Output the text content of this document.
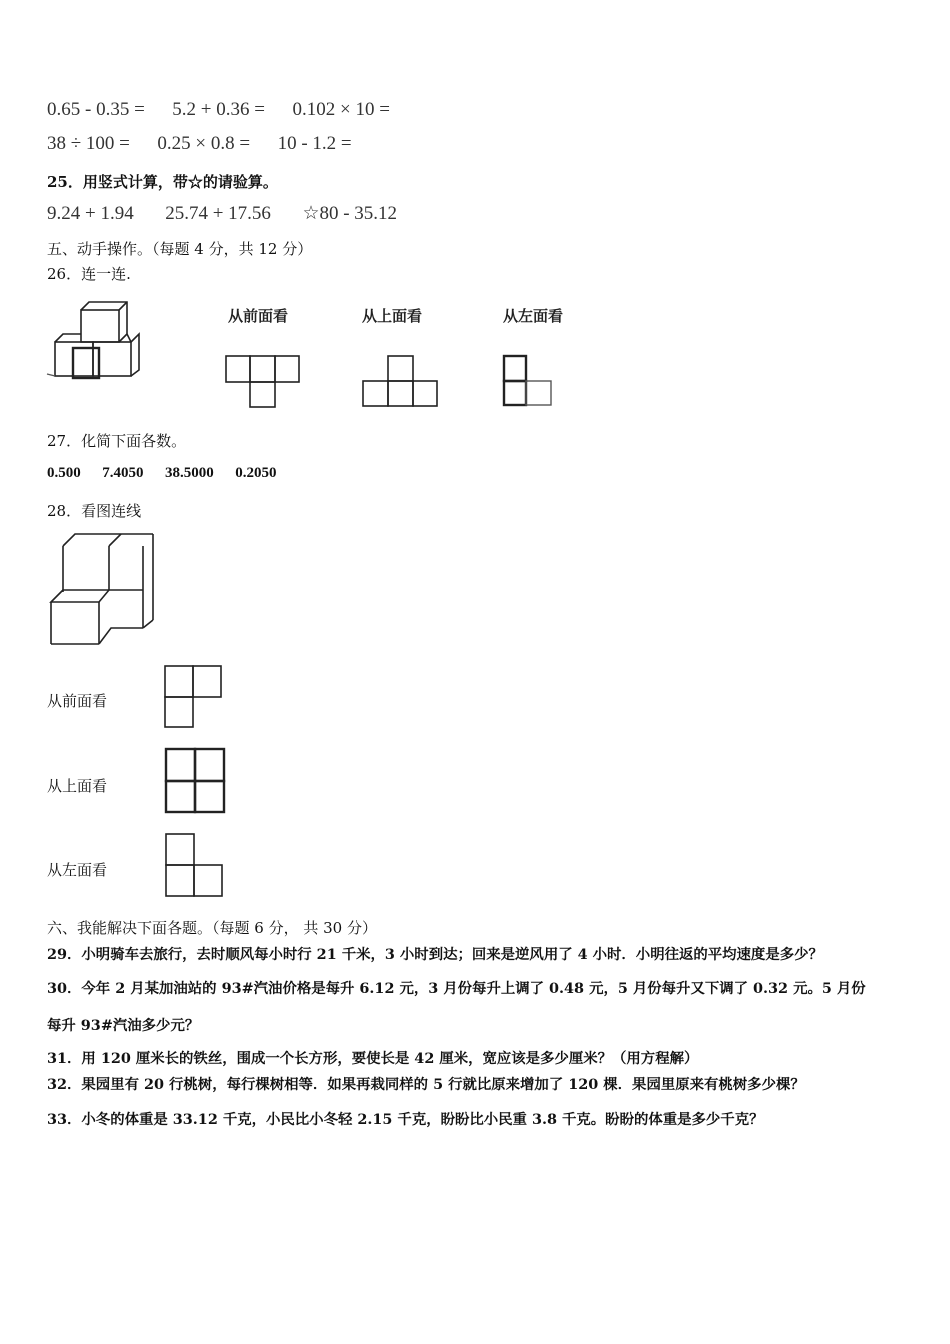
0.65 - 0.35 = 5.2 + 0.36 = 0.102 × 10 =
38 ÷ 100 = 0.25 × 0.8 = 10 - 1.2 =
25．用竖式计算，带☆的请验算。
9.24 + 1.94 25.74 + 17.56 ☆80 - 35.12
五、动手操作。（每题 4 分，共 12 分）
26．连一连.
从前面看	从上面看	从左面看
27．化简下面各数。
0.500 7.4050 38.5000 0.2050
28．看图连线
从前面看
从上面看
从左面看
六、我能解决下面各题。（每题 6 分， 共 30 分）
29．小明骑车去旅行，去时顺风每小时行 21 千米，3 小时到达；回来是逆风用了 4 小时．小明往返的平均速度是多少？
30．今年 2 月某加油站的 93#汽油价格是每升 6.12 元，3 月份每升上调了 0.48 元，5 月份每升又下调了 0.32 元。5 月份
每升 93#汽油多少元？
31．用 120 厘米长的铁丝，围成一个长方形，要使长是 42 厘米，宽应该是多少厘米？（用方程解）
32．果园里有 20 行桃树，每行棵树相等．如果再栽同样的 5 行就比原来增加了 120 棵．果园里原来有桃树多少棵？
33．小冬的体重是 33.12 千克，小民比小冬轻 2.15 千克，盼盼比小民重 3.8 千克。盼盼的体重是多少千克？
